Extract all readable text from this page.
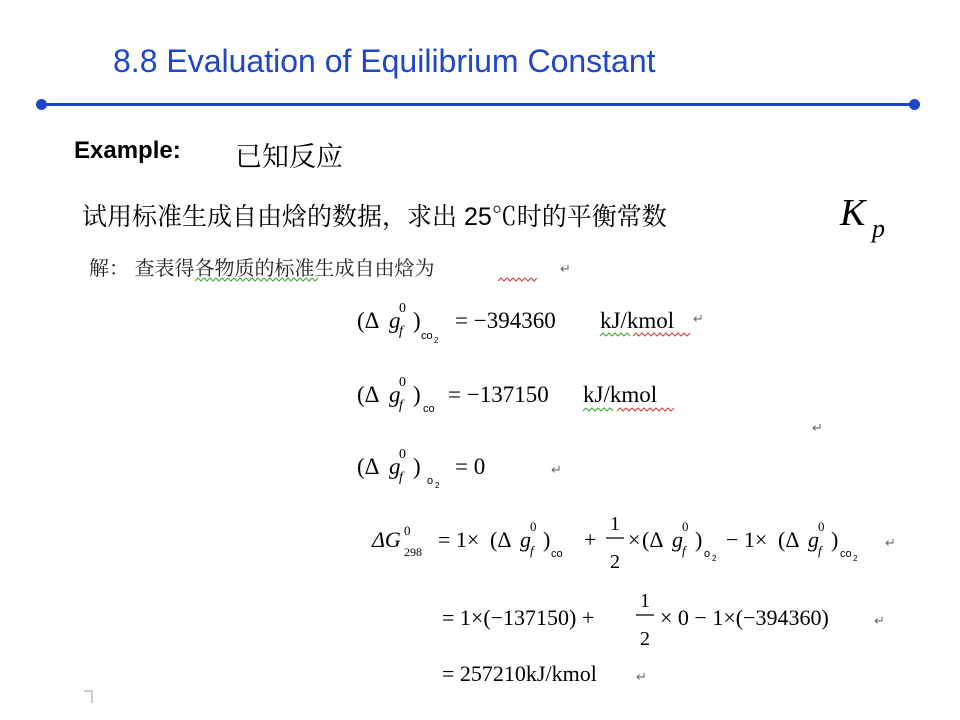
8.8 Evaluation of Equilibrium Constant
Example: 已知反应
试用标准生成自由焓的数据，求出 25℃时的平衡常数	K p
解： 查表得各物质的标准生成自由焓为	↵
(Δ g
0
f )
co 2
= −394360 kJ/kmol ↵
(Δ g
0
f )
co
= −137150 kJ/kmol
↵
(Δ g
0
f )
o 2
= 0	↵
ΔG 0
298 = 1× (Δ g
0
f )
co
+
1
2
× (Δ g
0
f )
o 2
− 1× (Δ g
0
f )
co 2
↵
= 1×(−137150) +
1
2
× 0 − 1×(−394360)	↵
= 257210kJ/kmol	↵
